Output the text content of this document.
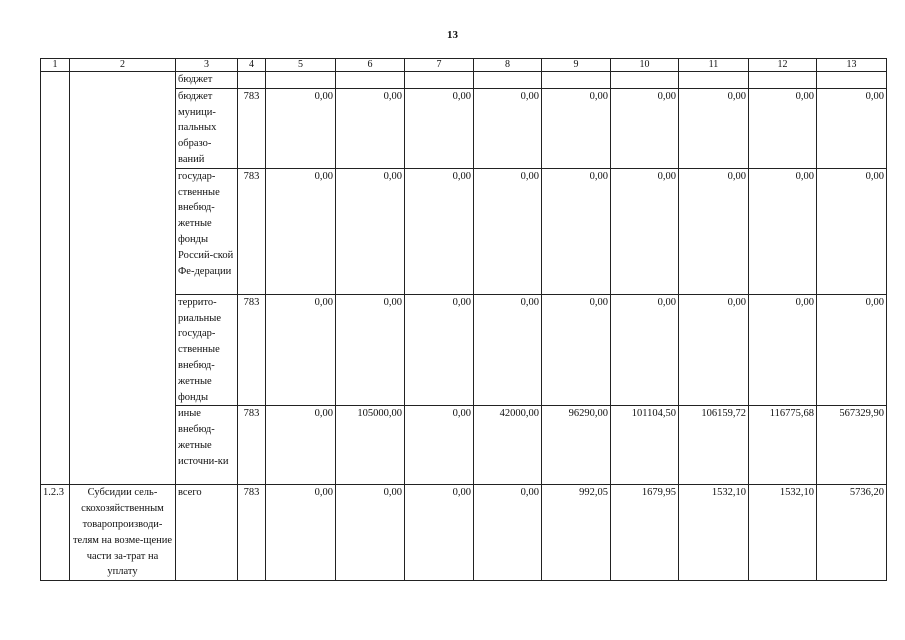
13
1	2	3	4	5	6	7	8	9	10	11	12	13
		бюджет										
		бюджет муници-пальных образо-ваний	783	0,00	0,00	0,00	0,00	0,00	0,00	0,00	0,00	0,00
		государ-ственные внебюд-жетные фонды Россий-ской Фе-дерации	783	0,00	0,00	0,00	0,00	0,00	0,00	0,00	0,00	0,00
		террито-риальные государ-ственные внебюд-жетные фонды	783	0,00	0,00	0,00	0,00	0,00	0,00	0,00	0,00	0,00
		иные внебюд-жетные источни-ки	783	0,00	105000,00	0,00	42000,00	96290,00	101104,50	106159,72	116775,68	567329,90
1.2.3	Субсидии сель-скохозяйственным товаропроизводи-телям на возме-щение части за-трат на уплату	всего	783	0,00	0,00	0,00	0,00	992,05	1679,95	1532,10	1532,10	5736,20
